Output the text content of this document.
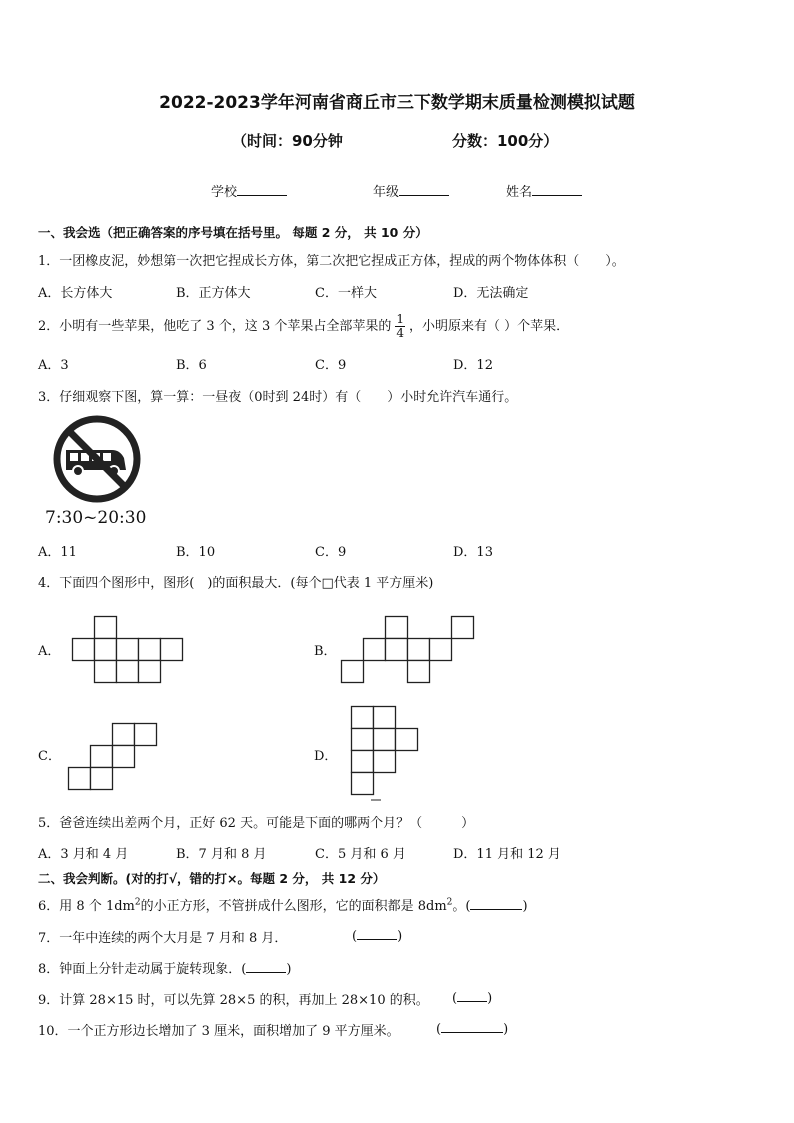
2022-2023学年河南省商丘市三下数学期末质量检测模拟试题
（时间：90分钟	分数：100分）
学校	年级	姓名
一、我会选（把正确答案的序号填在括号里。 每题 2 分， 共 10 分）
1．一团橡皮泥，妙想第一次把它捏成长方体，第二次把它捏成正方体，捏成的两个物体体积（　　）。
A．长方体大	B．正方体大	C．一样大	D．无法确定
2．小明有一些苹果，他吃了 3 个，这 3 个苹果占全部苹果的 $\frac{1}{4}$ ，小明原来有（ ）个苹果．
A．3	B．6	C．9	D．12
3．仔细观察下图，算一算：一昼夜（0时到 24时）有（　　）小时允许汽车通行。
7:30~20:30
A．11	B．10	C．9	D．13
4．下面四个图形中，图形(　)的面积最大．(每个□代表 1 平方厘米)
A．	B．
C．	D．
5．爸爸连续出差两个月，正好 62 天。可能是下面的哪两个月？（　　　）
A．3 月和 4 月	B．7 月和 8 月	C．5 月和 6 月	D．11 月和 12 月
二、我会判断。(对的打√，错的打×。每题 2 分， 共 12 分）
6．用 8 个 $1dm^2$的小正方形，不管拼成什么图形，它的面积都是 $8dm^2$。(	)
7．一年中连续的两个大月是 7 月和 8 月．	(	)
8．钟面上分针走动属于旋转现象．(	)
9．计算 28×15 时，可以先算 28×5 的积，再加上 28×10 的积。 ( )
10．一个正方形边长增加了 3 厘米，面积增加了 9 平方厘米。	(	)
